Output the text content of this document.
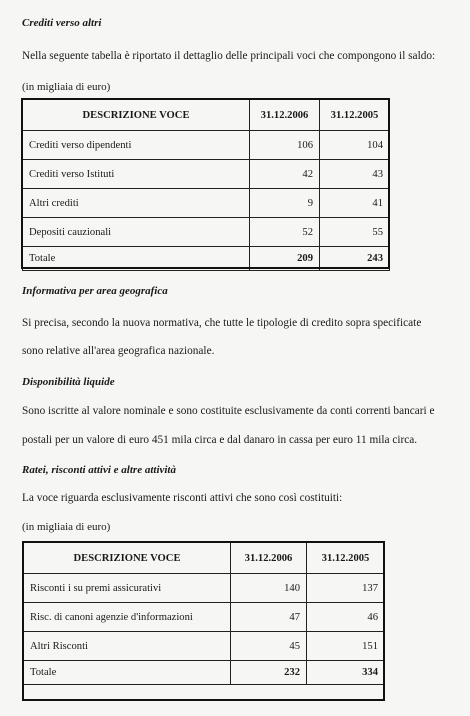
Crediti verso altri
Nella seguente tabella è riportato il dettaglio delle principali voci che compongono il saldo:
(in migliaia di euro)
DESCRIZIONE VOCE	31.12.2006	31.12.2005
Crediti verso dipendenti	106	104
Crediti verso Istituti	42	43
Altri crediti	9	41
Depositi cauzionali	52	55
Totale	209	243
Informativa per area geografica
Si precisa, secondo la nuova normativa, che tutte le tipologie di credito sopra specificate
sono relative all'area geografica nazionale.
Disponibilità liquide
Sono iscritte al valore nominale e sono costituite esclusivamente da conti correnti bancari e
postali per un valore di euro 451 mila circa e dal danaro in cassa per euro 11 mila circa.
Ratei, risconti attivi e altre attività
La voce riguarda esclusivamente risconti attivi che sono così costituiti:
(in migliaia di euro)
DESCRIZIONE VOCE	31.12.2006	31.12.2005
Risconti i su premi assicurativi	140	137
Risc. di canoni agenzie d'informazioni	47	46
Altri Risconti	45	151
Totale	232	334
